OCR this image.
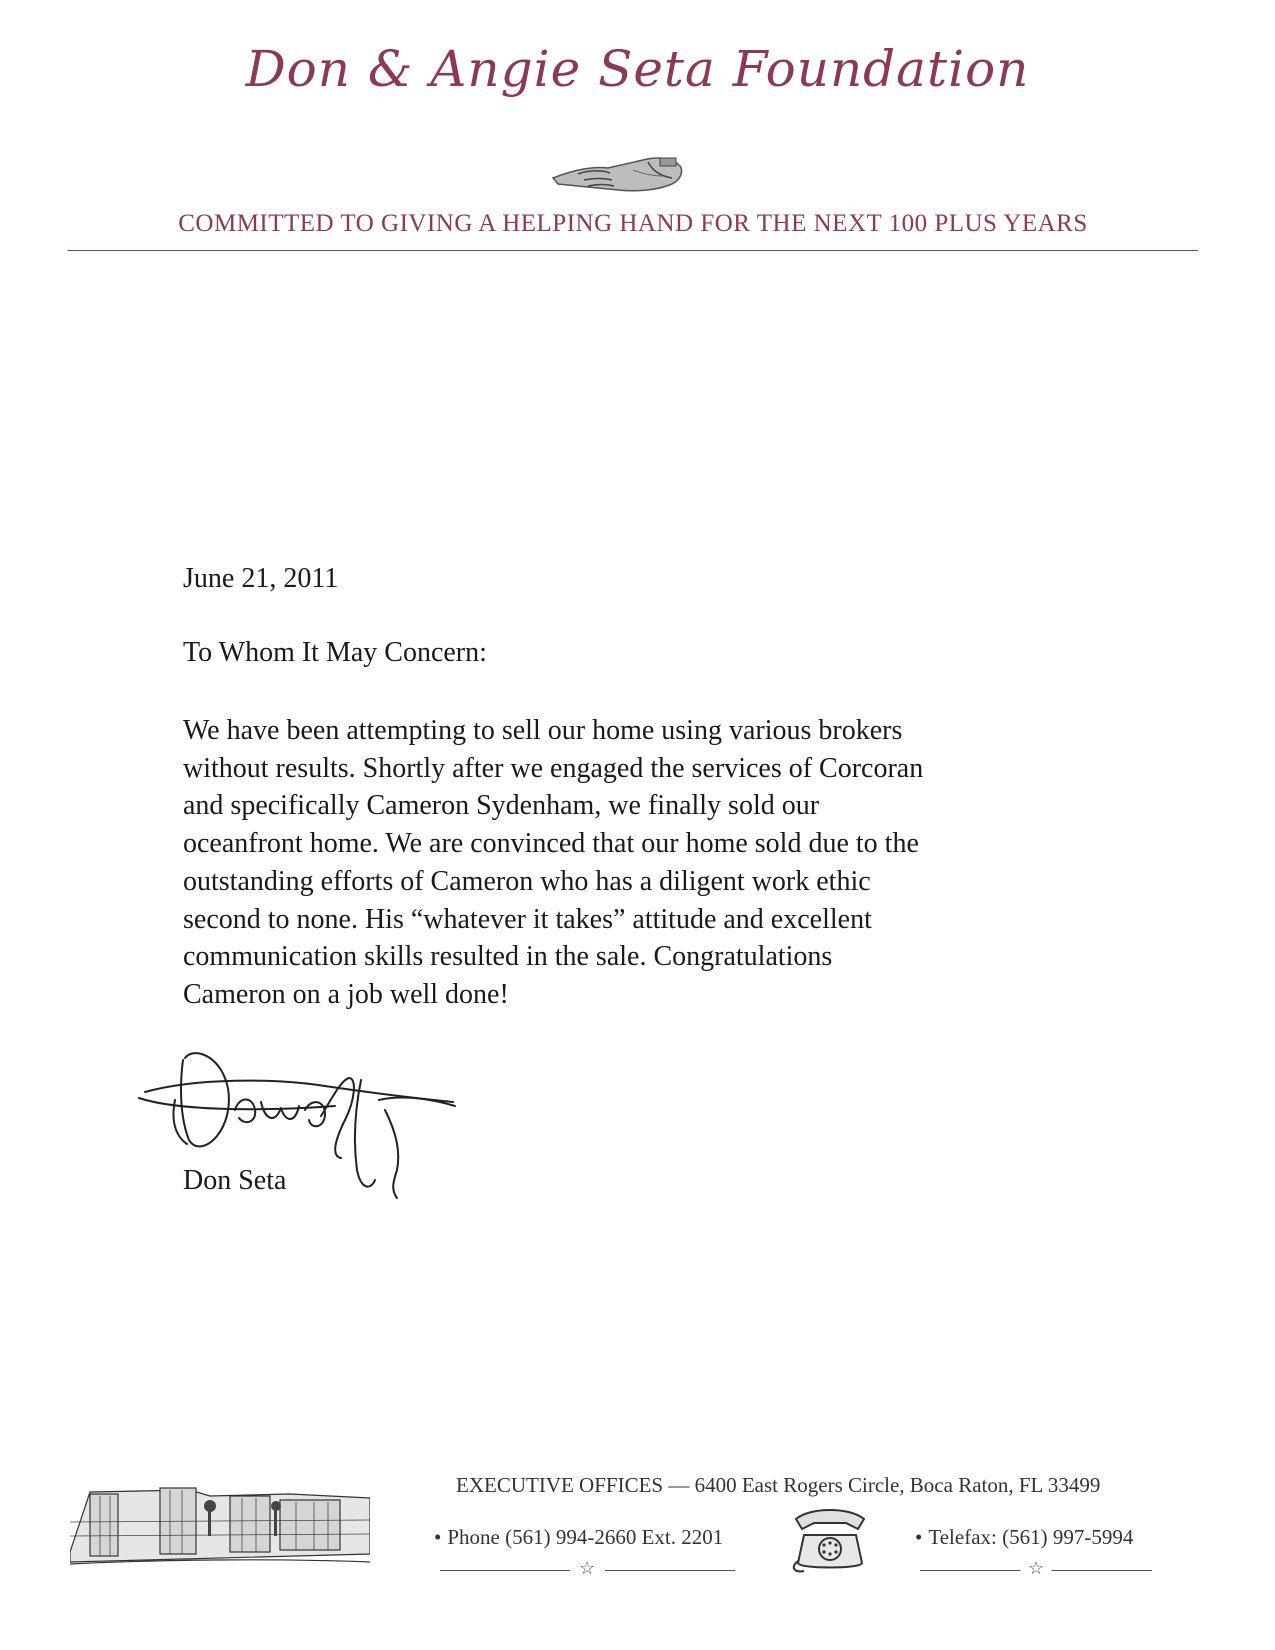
Don & Angie Seta Foundation
COMMITTED TO GIVING A HELPING HAND FOR THE NEXT 100 PLUS YEARS
June 21, 2011
To Whom It May Concern:
We have been attempting to sell our home using various brokers
without results. Shortly after we engaged the services of Corcoran
and specifically Cameron Sydenham, we finally sold our
oceanfront home. We are convinced that our home sold due to the
outstanding efforts of Cameron who has a diligent work ethic
second to none. His “whatever it takes” attitude and excellent
communication skills resulted in the sale. Congratulations
Cameron on a job well done!
Don Seta
EXECUTIVE OFFICES — 6400 East Rogers Circle, Boca Raton, FL 33499
• Phone (561) 994-2660 Ext. 2201	• Telefax: (561) 997-5994
☆	☆
